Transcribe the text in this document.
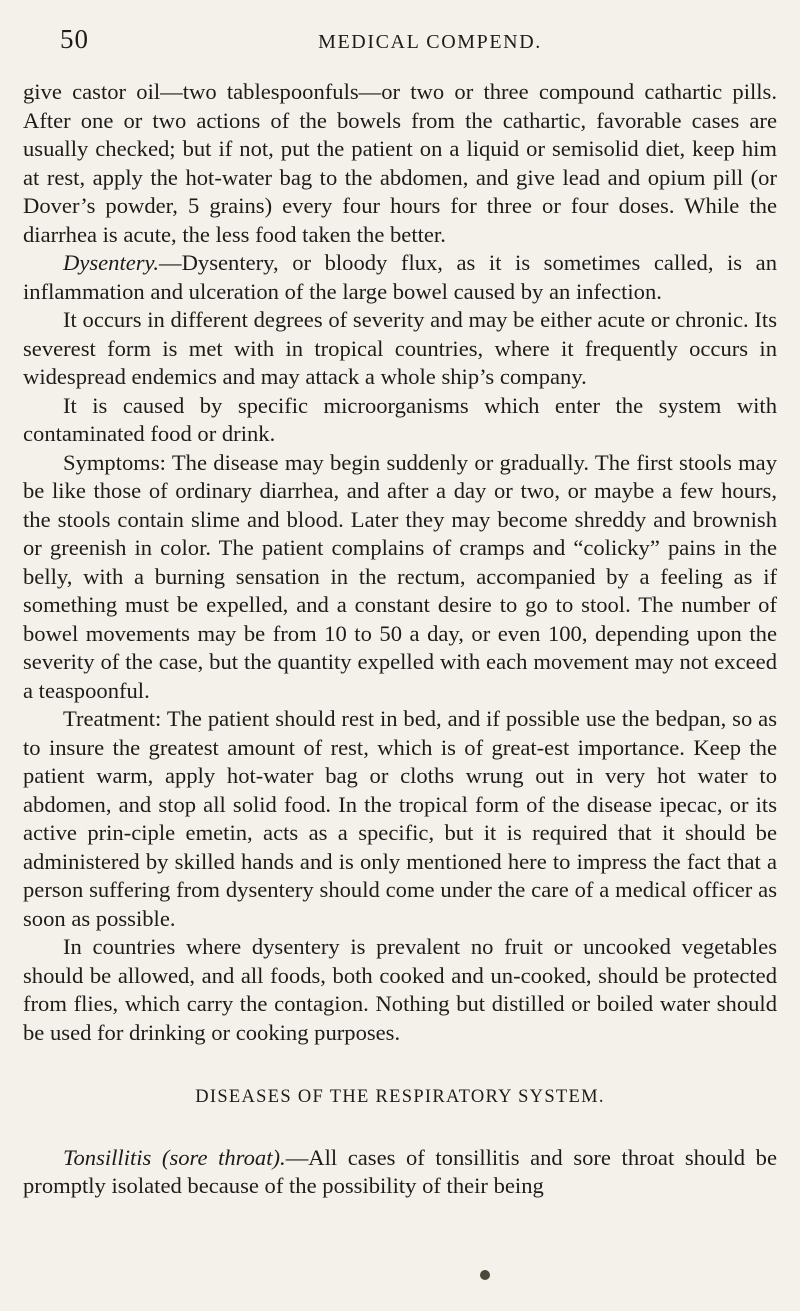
50	MEDICAL COMPEND.

give castor oil—two tablespoonfuls—or two or three compound cathartic pills. After one or two actions of the bowels from the cathartic, favorable cases are usually checked; but if not, put the patient on a liquid or semisolid diet, keep him at rest, apply the hot-water bag to the abdomen, and give lead and opium pill (or Dover’s powder, 5 grains) every four hours for three or four doses. While the diarrhea is acute, the less food taken the better.

Dysentery.—Dysentery, or bloody flux, as it is sometimes called, is an inflammation and ulceration of the large bowel caused by an infection.

It occurs in different degrees of severity and may be either acute or chronic. Its severest form is met with in tropical countries, where it frequently occurs in widespread endemics and may attack a whole ship’s company.

It is caused by specific microorganisms which enter the system with contaminated food or drink.

Symptoms: The disease may begin suddenly or gradually. The first stools may be like those of ordinary diarrhea, and after a day or two, or maybe a few hours, the stools contain slime and blood. Later they may become shreddy and brownish or greenish in color. The patient complains of cramps and “colicky” pains in the belly, with a burning sensation in the rectum, accompanied by a feeling as if something must be expelled, and a constant desire to go to stool. The number of bowel movements may be from 10 to 50 a day, or even 100, depending upon the severity of the case, but the quantity expelled with each movement may not exceed a teaspoonful.

Treatment: The patient should rest in bed, and if possible use the bedpan, so as to insure the greatest amount of rest, which is of great-est importance. Keep the patient warm, apply hot-water bag or cloths wrung out in very hot water to abdomen, and stop all solid food. In the tropical form of the disease ipecac, or its active prin-ciple emetin, acts as a specific, but it is required that it should be administered by skilled hands and is only mentioned here to impress the fact that a person suffering from dysentery should come under the care of a medical officer as soon as possible.

In countries where dysentery is prevalent no fruit or uncooked vegetables should be allowed, and all foods, both cooked and un-cooked, should be protected from flies, which carry the contagion. Nothing but distilled or boiled water should be used for drinking or cooking purposes.

DISEASES OF THE RESPIRATORY SYSTEM.

Tonsillitis (sore throat).—All cases of tonsillitis and sore throat should be promptly isolated because of the possibility of their being
